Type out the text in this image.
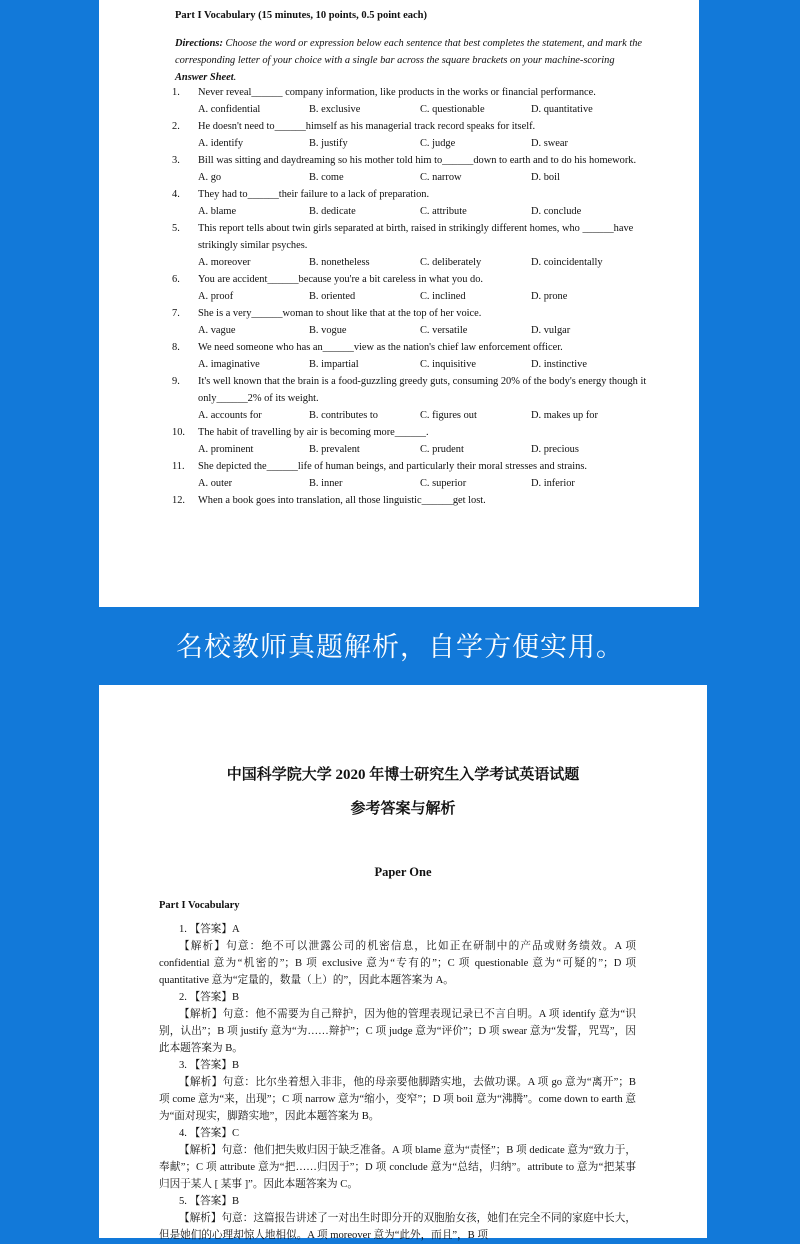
Part I Vocabulary (15 minutes, 10 points, 0.5 point each)
Directions: Choose the word or expression below each sentence that best completes the statement, and mark the corresponding letter of your choice with a single bar across the square brackets on your machine-scoring Answer Sheet.
1.	Never reveal______ company information, like products in the works or financial performance.
A. confidential	B. exclusive	C. questionable	D. quantitative
2.	He doesn't need to______himself as his managerial track record speaks for itself.
A. identify	B. justify	C. judge	D. swear
3.	Bill was sitting and daydreaming so his mother told him to______down to earth and to do his homework.
A. go	B. come	C. narrow	D. boil
4.	They had to______their failure to a lack of preparation.
A. blame	B. dedicate	C. attribute	D. conclude
5.	This report tells about twin girls separated at birth, raised in strikingly different homes, who ______have strikingly similar psyches.
A. moreover	B. nonetheless	C. deliberately	D. coincidentally
6.	You are accident______because you're a bit careless in what you do.
A. proof	B. oriented	C. inclined	D. prone
7.	She is a very______woman to shout like that at the top of her voice.
A. vague	B. vogue	C. versatile	D. vulgar
8.	We need someone who has an______view as the nation's chief law enforcement officer.
A. imaginative	B. impartial	C. inquisitive	D. instinctive
9.	It's well known that the brain is a food-guzzling greedy guts, consuming 20% of the body's energy though it only______2% of its weight.
A. accounts for	B. contributes to	C. figures out	D. makes up for
10.	The habit of travelling by air is becoming more______.
A. prominent	B. prevalent	C. prudent	D. precious
11.	She depicted the______life of human beings, and particularly their moral stresses and strains.
A. outer	B. inner	C. superior	D. inferior
12.	When a book goes into translation, all those linguistic______get lost.
名校教师真题解析，自学方便实用。
中国科学院大学 2020 年博士研究生入学考试英语试题
参考答案与解析
Paper One
Part I Vocabulary
1. 【答案】A
【解析】句意：绝不可以泄露公司的机密信息，比如正在研制中的产品或财务绩效。A 项 confidential 意为“机密的”；B 项 exclusive 意为“专有的”；C 项 questionable 意为“可疑的”；D 项 quantitative 意为“定量的，数量（上）的”，因此本题答案为 A。
2. 【答案】B
【解析】句意：他不需要为自己辩护，因为他的管理表现记录已不言自明。A 项 identify 意为“识别，认出”；B 项 justify 意为“为……辩护”；C 项 judge 意为“评价”；D 项 swear 意为“发誓，咒骂”，因此本题答案为 B。
3. 【答案】B
【解析】句意：比尔坐着想入非非，他的母亲要他脚踏实地，去做功课。A 项 go 意为“离开”；B 项 come 意为“来，出现”；C 项 narrow 意为“缩小，变窄”；D 项 boil 意为“沸腾”。come down to earth 意为“面对现实，脚踏实地”，因此本题答案为 B。
4. 【答案】C
【解析】句意：他们把失败归因于缺乏准备。A 项 blame 意为“责怪”；B 项 dedicate 意为“致力于，奉献”；C 项 attribute 意为“把……归因于”；D 项 conclude 意为“总结，归纳”。attribute to 意为“把某事归因于某人 [ 某事 ]”。因此本题答案为 C。
5. 【答案】B
【解析】句意：这篇报告讲述了一对出生时即分开的双胞胎女孩，她们在完全不同的家庭中长大，但是她们的心理却惊人地相似。A 项 moreover 意为“此外，而且”，B 项
